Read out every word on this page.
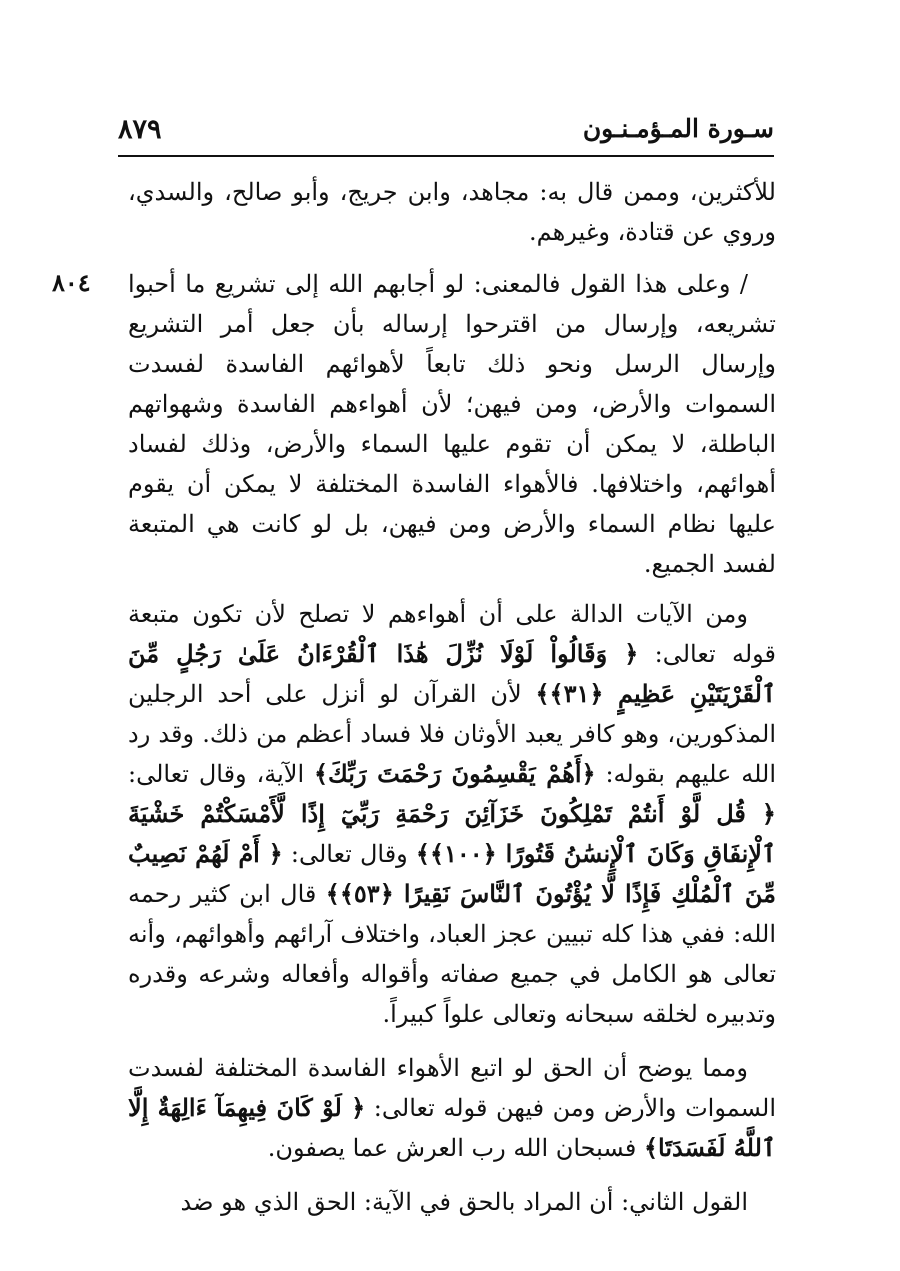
سـورة المـؤمـنـون
٨٧٩
٨٠٤

للأكثرين، وممن قال به: مجاهد، وابن جريج، وأبو صالح، والسدي، وروي عن قتادة، وغيرهم.

/ وعلى هذا القول فالمعنى: لو أجابهم الله إلى تشريع ما أحبوا تشريعه، وإرسال من اقترحوا إرساله بأن جعل أمر التشريع وإرسال الرسل ونحو ذلك تابعاً لأهوائهم الفاسدة لفسدت السموات والأرض، ومن فيهن؛ لأن أهواءهم الفاسدة وشهواتهم الباطلة، لا يمكن أن تقوم عليها السماء والأرض، وذلك لفساد أهوائهم، واختلافها. فالأهواء الفاسدة المختلفة لا يمكن أن يقوم عليها نظام السماء والأرض ومن فيهن، بل لو كانت هي المتبعة لفسد الجميع.

ومن الآيات الدالة على أن أهواءهم لا تصلح لأن تكون متبعة قوله تعالى: ﴿ وَقَالُواْ لَوْلَا نُزِّلَ هَٰذَا ٱلْقُرْءَانُ عَلَىٰ رَجُلٍ مِّنَ ٱلْقَرْيَتَيْنِ عَظِيمٍ ﴿٣١﴾﴾ لأن القرآن لو أنزل على أحد الرجلين المذكورين، وهو كافر يعبد الأوثان فلا فساد أعظم من ذلك. وقد رد الله عليهم بقوله: ﴿أَهُمْ يَقْسِمُونَ رَحْمَتَ رَبِّكَ﴾ الآية، وقال تعالى: ﴿ قُل لَّوْ أَنتُمْ تَمْلِكُونَ خَزَآئِنَ رَحْمَةِ رَبِّيٓ إِذًا لَّأَمْسَكْتُمْ خَشْيَةَ ٱلْإِنفَاقِ وَكَانَ ٱلْإِنسَٰنُ قَتُورًا ﴿١٠٠﴾﴾ وقال تعالى: ﴿ أَمْ لَهُمْ نَصِيبٌ مِّنَ ٱلْمُلْكِ فَإِذًا لَّا يُؤْتُونَ ٱلنَّاسَ نَقِيرًا ﴿٥٣﴾﴾ قال ابن كثير رحمه الله: ففي هذا كله تبيين عجز العباد، واختلاف آرائهم وأهوائهم، وأنه تعالى هو الكامل في جميع صفاته وأقواله وأفعاله وشرعه وقدره وتدبيره لخلقه سبحانه وتعالى علواً كبيراً.

ومما يوضح أن الحق لو اتبع الأهواء الفاسدة المختلفة لفسدت السموات والأرض ومن فيهن قوله تعالى: ﴿ لَوْ كَانَ فِيهِمَآ ءَالِهَةٌ إِلَّا ٱللَّهُ لَفَسَدَتَا﴾ فسبحان الله رب العرش عما يصفون.

القول الثاني: أن المراد بالحق في الآية: الحق الذي هو ضد
